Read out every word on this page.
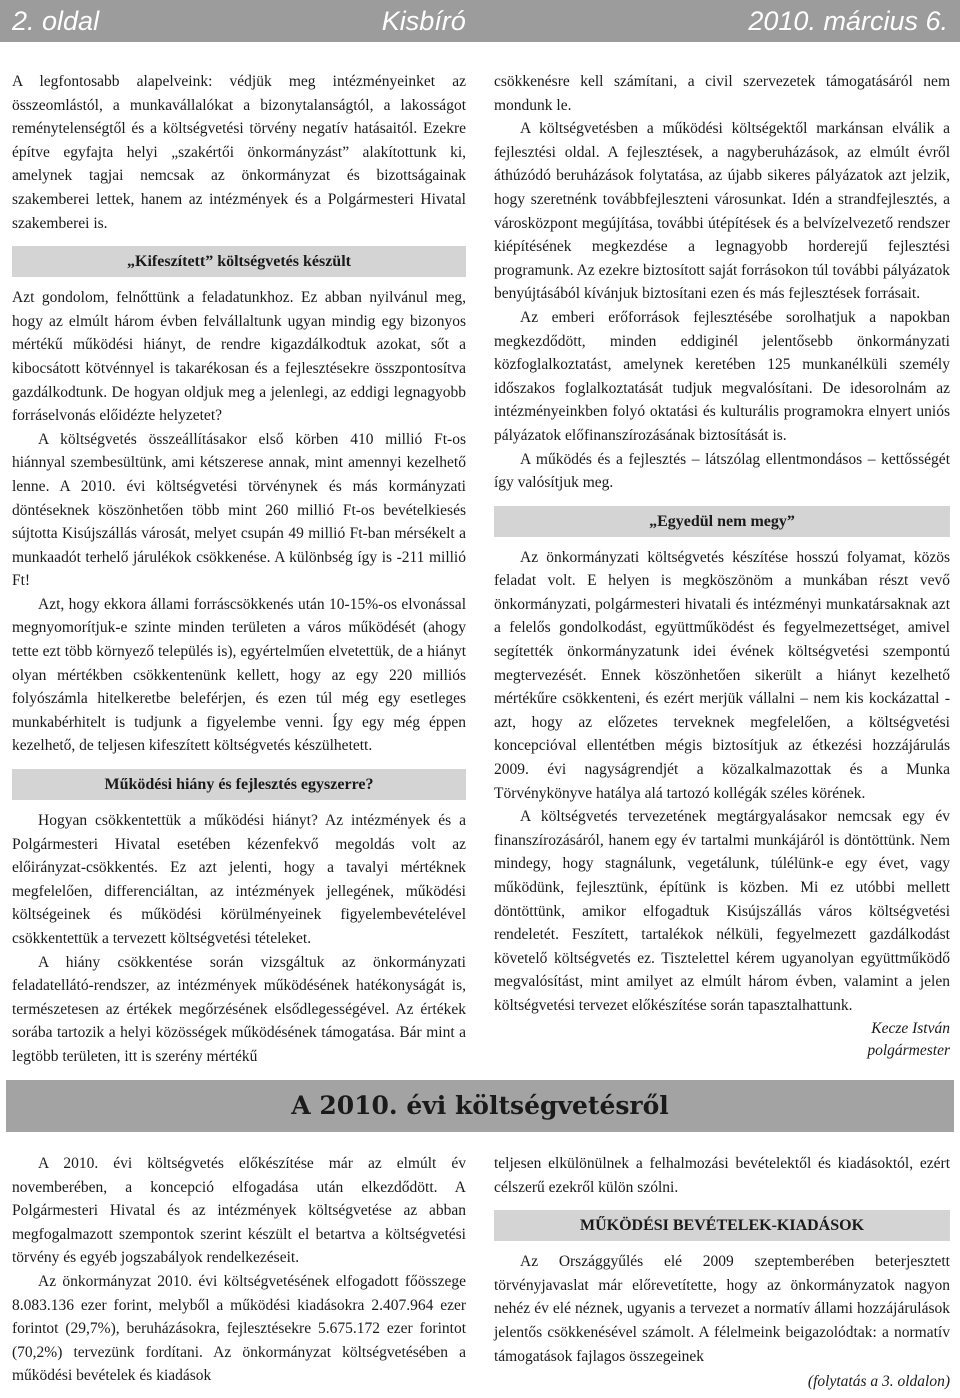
2. oldal	Kisbíró	2010. március 6.

A legfontosabb alapelveink: védjük meg intézményeinket az összeomlástól, a munkavállalókat a bizonytalanságtól, a lakosságot reménytelenségtől és a költségvetési törvény negatív hatásaitól. Ezekre építve egyfajta helyi „szakértői önkormányzást” alakítottunk ki, amelynek tagjai nemcsak az önkormányzat és bizottságainak szakemberei lettek, hanem az intézmények és a Polgármesteri Hivatal szakemberei is.

„Kifeszített” költségvetés készült

Azt gondolom, felnőttünk a feladatunkhoz. Ez abban nyilvánul meg, hogy az elmúlt három évben felvállaltunk ugyan mindig egy bizonyos mértékű működési hiányt, de rendre kigazdálkodtuk azokat, sőt a kibocsátott kötvénnyel is takarékosan és a fejlesztésekre összpontosítva gazdálkodtunk. De hogyan oldjuk meg a jelenlegi, az eddigi legnagyobb forráselvonás előidézte helyzetet?

A költségvetés összeállításakor első körben 410 millió Ft-os hiánnyal szembesültünk, ami kétszerese annak, mint amennyi kezelhető lenne. A 2010. évi költségvetési törvénynek és más kormányzati döntéseknek köszönhetően több mint 260 millió Ft-os bevételkiesés sújtotta Kisújszállás városát, melyet csupán 49 millió Ft-ban mérsékelt a munkaadót terhelő járulékok csökkenése. A különbség így is -211 millió Ft!

Azt, hogy ekkora állami forráscsökkenés után 10-15%-os elvonással megnyomorítjuk-e szinte minden területen a város működését (ahogy tette ezt több környező település is), egyértelműen elvetettük, de a hiányt olyan mértékben csökkentenünk kellett, hogy az egy 220 milliós folyószámla hitelkeretbe beleférjen, és ezen túl még egy esetleges munkabérhitelt is tudjunk a figyelembe venni. Így egy még éppen kezelhető, de teljesen kifeszített költségvetés készülhetett.

Működési hiány és fejlesztés egyszerre?

Hogyan csökkentettük a működési hiányt? Az intézmények és a Polgármesteri Hivatal esetében kézenfekvő megoldás volt az előirányzat-csökkentés. Ez azt jelenti, hogy a tavalyi mértéknek megfelelően, differenciáltan, az intézmények jellegének, működési költségeinek és működési körülményeinek figyelembevételével csökkentettük a tervezett költségvetési tételeket.

A hiány csökkentése során vizsgáltuk az önkormányzati feladatellátó-rendszer, az intézmények működésének hatékonyságát is, természetesen az értékek megőrzésének elsődlegességével. Az értékek sorába tartozik a helyi közösségek működésének támogatása. Bár mint a legtöbb területen, itt is szerény mértékű

csökkenésre kell számítani, a civil szervezetek támogatásáról nem mondunk le.

A költségvetésben a működési költségektől markánsan elválik a fejlesztési oldal. A fejlesztések, a nagyberuházások, az elmúlt évről áthúzódó beruházások folytatása, az újabb sikeres pályázatok azt jelzik, hogy szeretnénk továbbfejleszteni városunkat. Idén a strandfejlesztés, a városközpont megújítása, további útépítések és a belvízelvezető rendszer kiépítésének megkezdése a legnagyobb horderejű fejlesztési programunk. Az ezekre biztosított saját forrásokon túl további pályázatok benyújtásából kívánjuk biztosítani ezen és más fejlesztések forrásait.

Az emberi erőforrások fejlesztésébe sorolhatjuk a napokban megkezdődött, minden eddiginél jelentősebb önkormányzati közfoglalkoztatást, amelynek keretében 125 munkanélküli személy időszakos foglalkoztatását tudjuk megvalósítani. De idesorolnám az intézményeinkben folyó oktatási és kulturális programokra elnyert uniós pályázatok előfinanszírozásának biztosítását is.

A működés és a fejlesztés – látszólag ellentmondásos – kettősségét így valósítjuk meg.

„Egyedül nem megy”

Az önkormányzati költségvetés készítése hosszú folyamat, közös feladat volt. E helyen is megköszönöm a munkában részt vevő önkormányzati, polgármesteri hivatali és intézményi munkatársaknak azt a felelős gondolkodást, együttműködést és fegyelmezettséget, amivel segítették önkormányzatunk idei évének költségvetési szempontú megtervezését. Ennek köszönhetően sikerült a hiányt kezelhető mértékűre csökkenteni, és ezért merjük vállalni – nem kis kockázattal - azt, hogy az előzetes terveknek megfelelően, a költségvetési koncepcióval ellentétben mégis biztosítjuk az étkezési hozzájárulás 2009. évi nagyságrendjét a közalkalmazottak és a Munka Törvénykönyve hatálya alá tartozó kollégák széles körének.

A költségvetés tervezetének megtárgyalásakor nemcsak egy év finanszírozásáról, hanem egy év tartalmi munkájáról is döntöttünk. Nem mindegy, hogy stagnálunk, vegetálunk, túlélünk-e egy évet, vagy működünk, fejlesztünk, építünk is közben. Mi ez utóbbi mellett döntöttünk, amikor elfogadtuk Kisújszállás város költségvetési rendeletét. Feszített, tartalékok nélküli, fegyelmezett gazdálkodást követelő költségvetés ez. Tisztelettel kérem ugyanolyan együttműködő megvalósítást, mint amilyet az elmúlt három évben, valamint a jelen költségvetési tervezet előkészítése során tapasztalhattunk.

Kecze István
polgármester
A 2010. évi költségvetésről

A 2010. évi költségvetés előkészítése már az elmúlt év novemberében, a koncepció elfogadása után elkezdődött. A Polgármesteri Hivatal és az intézmények költségvetése az abban megfogalmazott szempontok szerint készült el betartva a költségvetési törvény és egyéb jogszabályok rendelkezéseit.

Az önkormányzat 2010. évi költségvetésének elfogadott főösszege 8.083.136 ezer forint, melyből a működési kiadásokra 2.407.964 ezer forintot (29,7%), beruházásokra, fejlesztésekre 5.675.172 ezer forintot (70,2%) tervezünk fordítani. Az önkormányzat költségvetésében a működési bevételek és kiadások

teljesen elkülönülnek a felhalmozási bevételektől és kiadásoktól, ezért célszerű ezekről külön szólni.

MŰKÖDÉSI BEVÉTELEK-KIADÁSOK

Az Országgyűlés elé 2009 szeptemberében beterjesztett törvényjavaslat már előrevetítette, hogy az önkormányzatok nagyon nehéz év elé néznek, ugyanis a tervezet a normatív állami hozzájárulások jelentős csökkenésével számolt. A félelmeink beigazolódtak: a normatív támogatások fajlagos összegeinek

(folytatás a 3. oldalon)
